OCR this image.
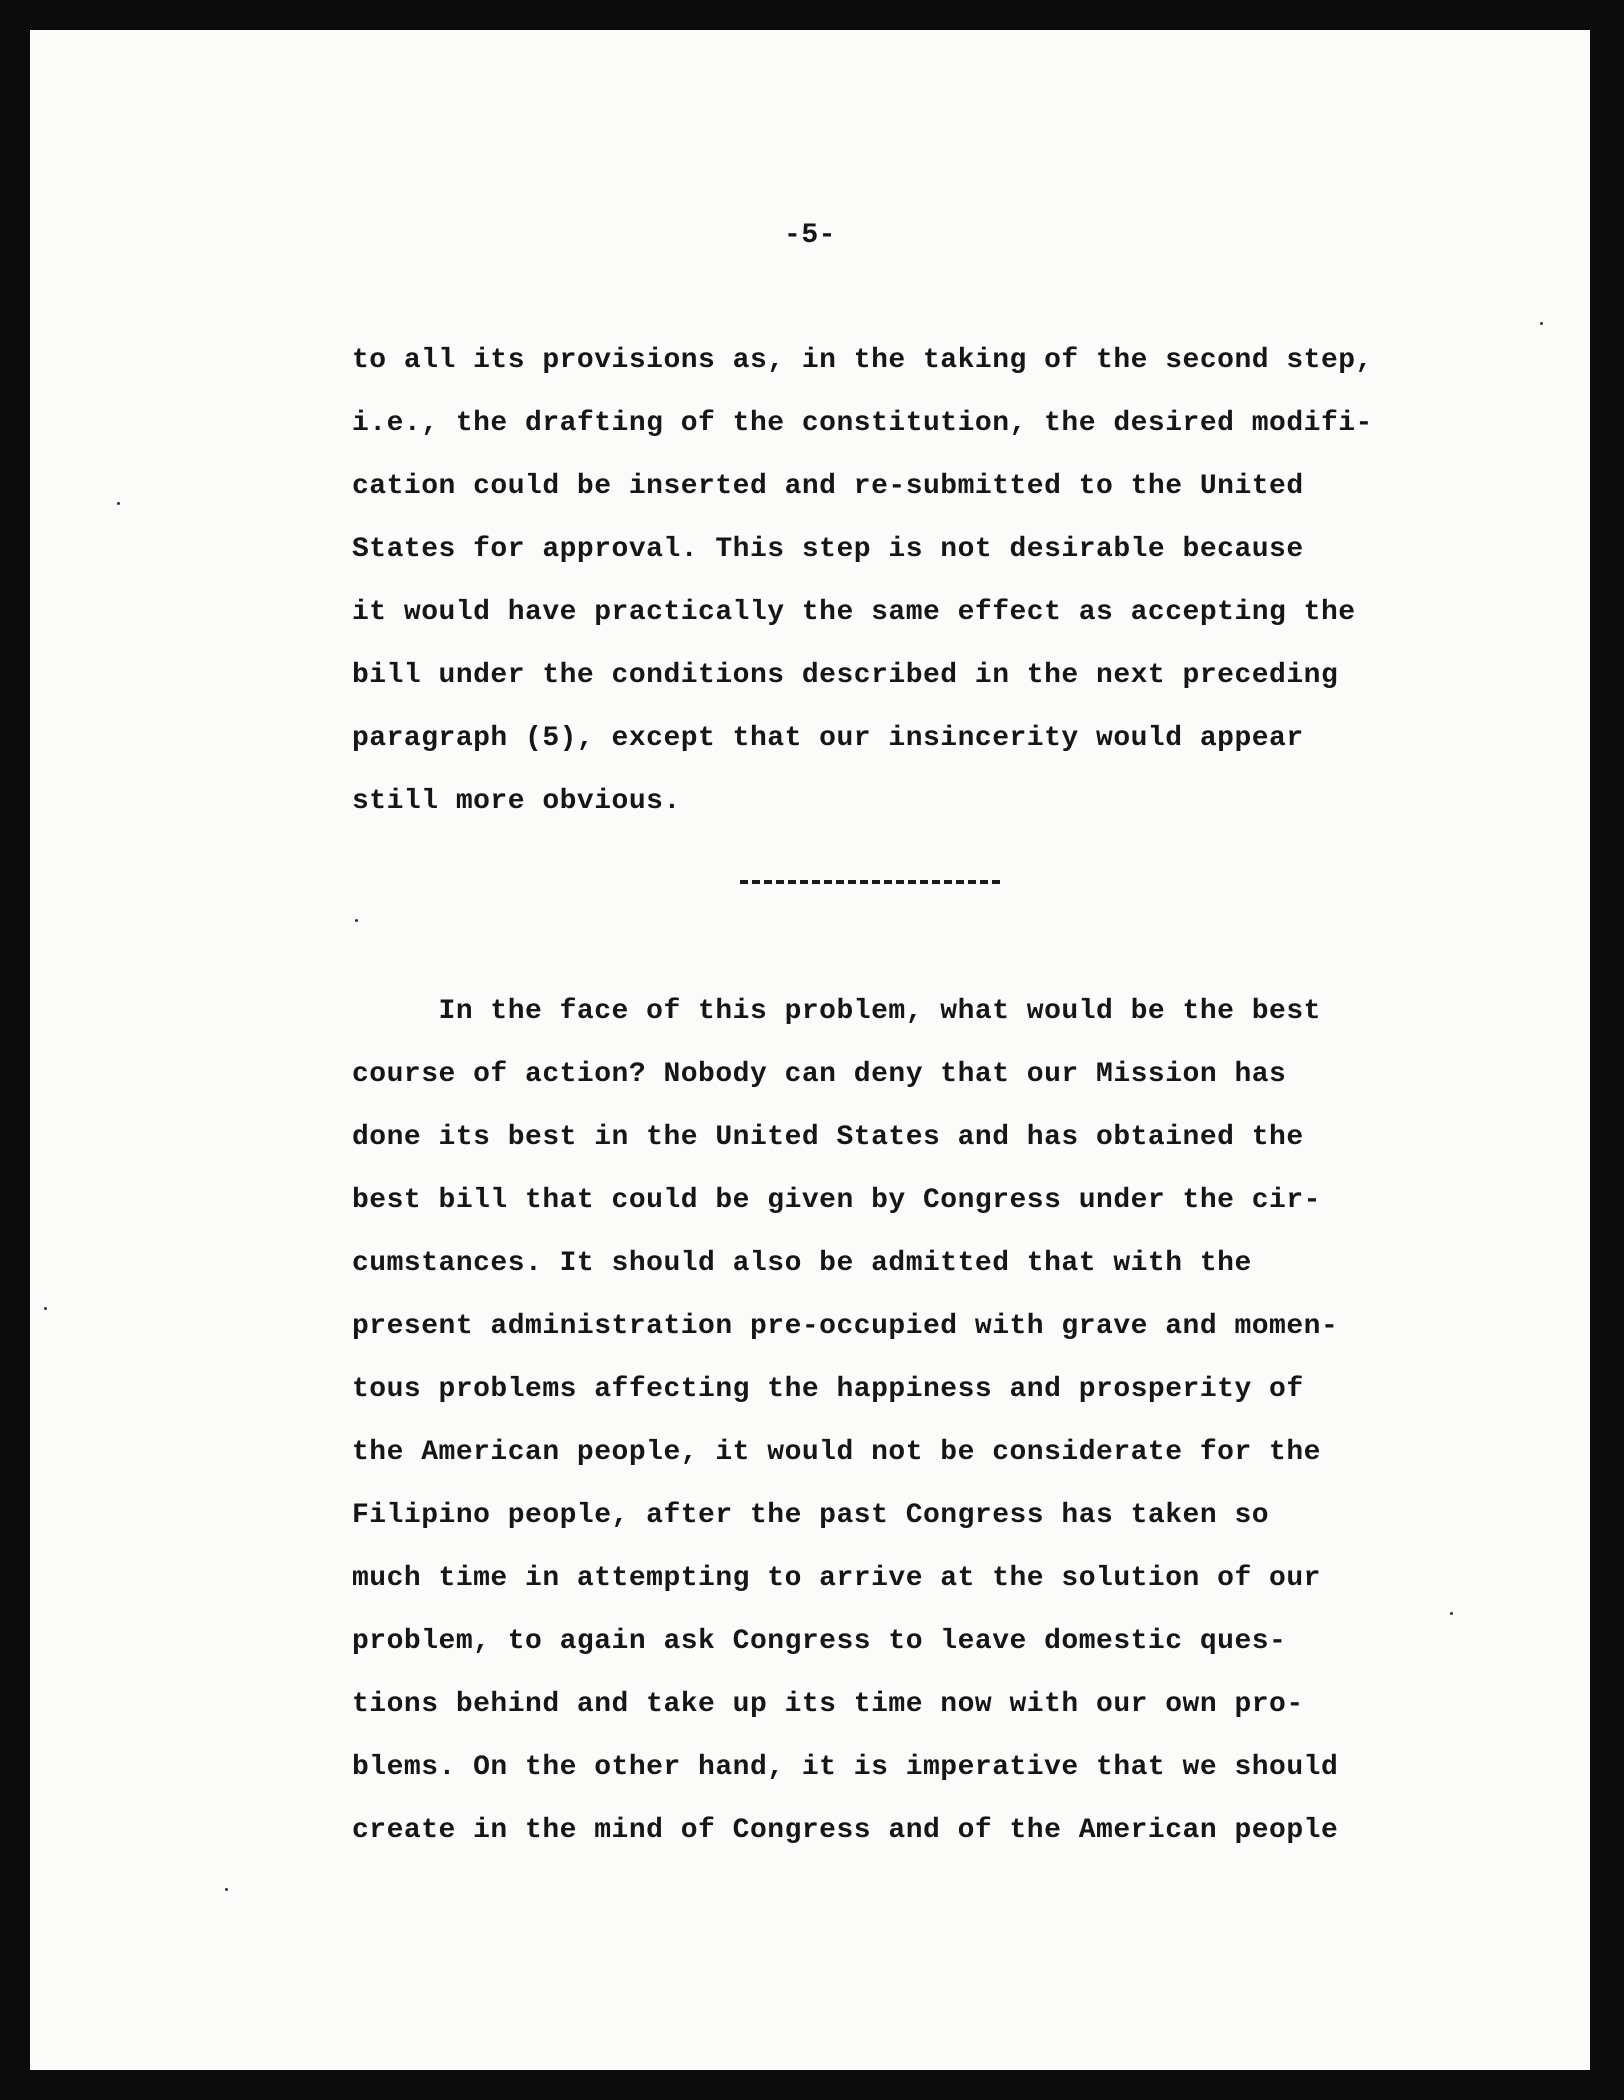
-5-
to all its provisions as, in the taking of the second step,
i.e., the drafting of the constitution, the desired modifi-
cation could be inserted and re-submitted to the United
States for approval. This step is not desirable because
it would have practically the same effect as accepting the
bill under the conditions described in the next preceding
paragraph (5), except that our insincerity would appear
still more obvious.
In the face of this problem, what would be the best
course of action? Nobody can deny that our Mission has
done its best in the United States and has obtained the
best bill that could be given by Congress under the cir-
cumstances. It should also be admitted that with the
present administration pre-occupied with grave and momen-
tous problems affecting the happiness and prosperity of
the American people, it would not be considerate for the
Filipino people, after the past Congress has taken so
much time in attempting to arrive at the solution of our
problem, to again ask Congress to leave domestic ques-
tions behind and take up its time now with our own pro-
blems. On the other hand, it is imperative that we should
create in the mind of Congress and of the American people
